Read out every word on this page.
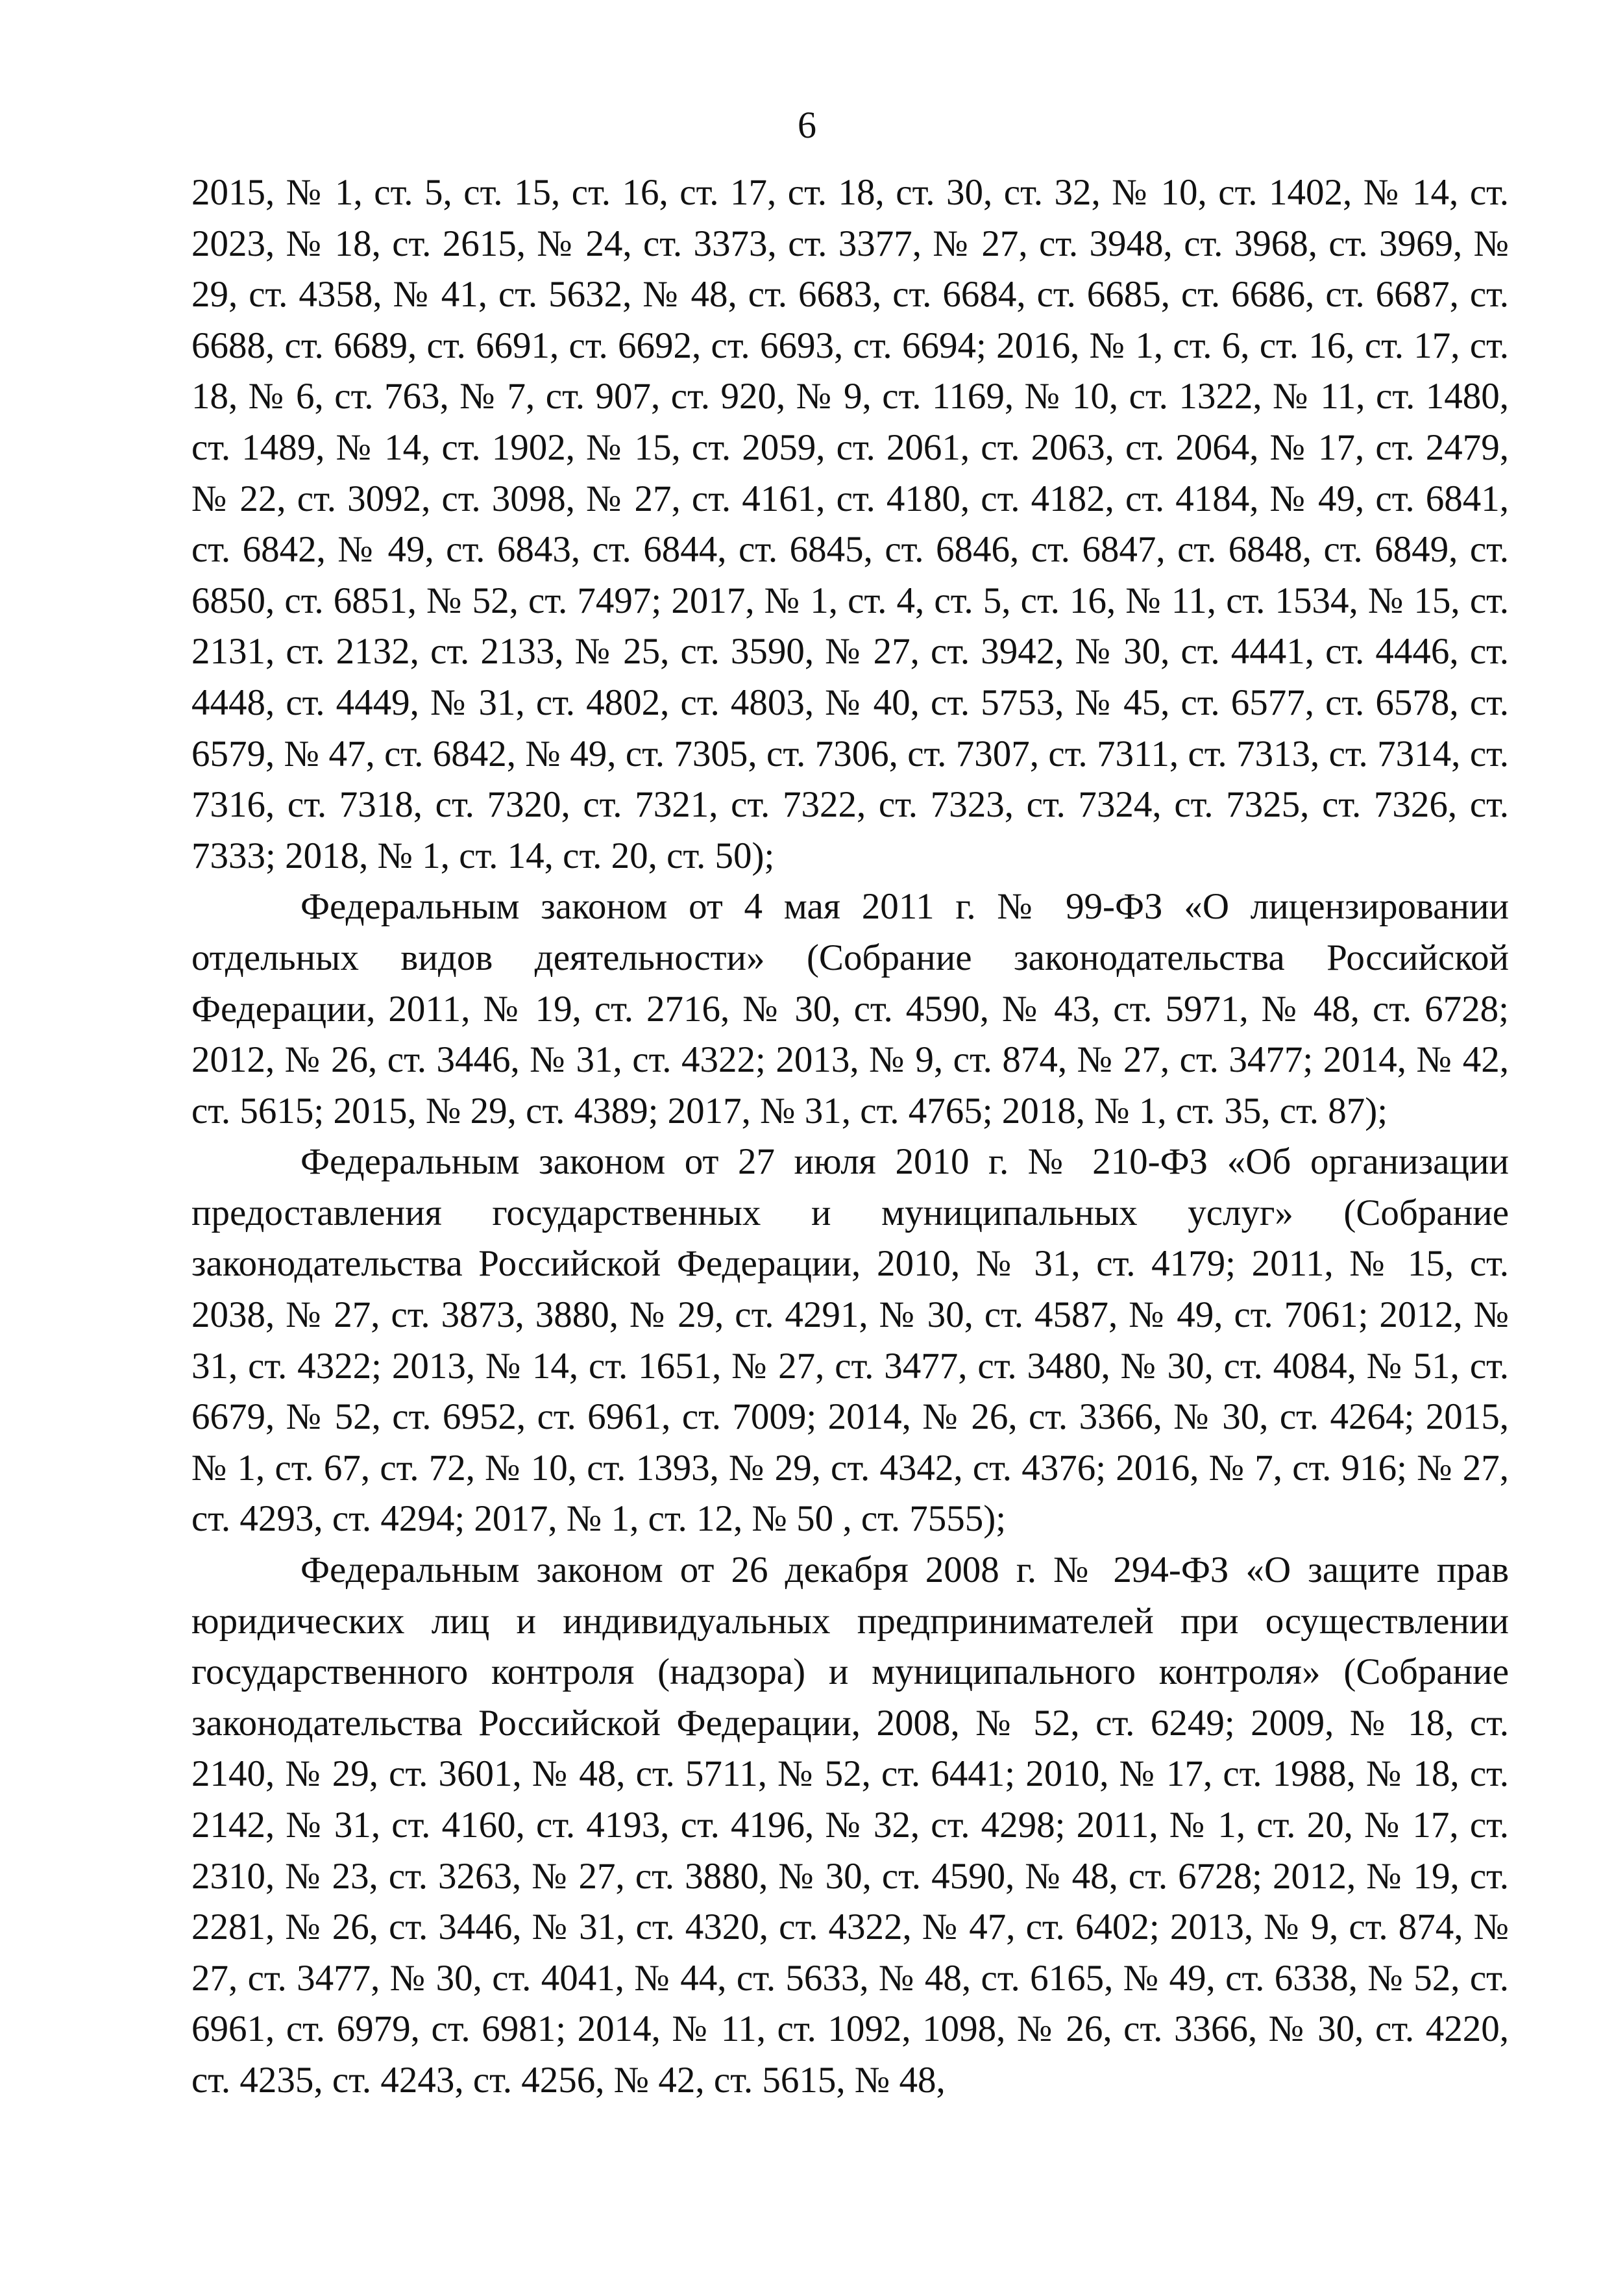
6

2015, № 1, ст. 5, ст. 15, ст. 16, ст. 17, ст. 18, ст. 30, ст. 32, № 10, ст. 1402, № 14, ст. 2023, № 18, ст. 2615, № 24, ст. 3373, ст. 3377, № 27, ст. 3948, ст. 3968, ст. 3969, № 29, ст. 4358, № 41, ст. 5632, № 48, ст. 6683, ст. 6684, ст. 6685, ст. 6686, ст. 6687, ст. 6688, ст. 6689, ст. 6691, ст. 6692, ст. 6693, ст. 6694; 2016, № 1, ст. 6, ст. 16, ст. 17, ст. 18, № 6, ст. 763, № 7, ст. 907, ст. 920, № 9, ст. 1169, № 10, ст. 1322, № 11, ст. 1480, ст. 1489, № 14, ст. 1902, № 15, ст. 2059, ст. 2061, ст. 2063, ст. 2064, № 17, ст. 2479, № 22, ст. 3092, ст. 3098, № 27, ст. 4161, ст. 4180, ст. 4182, ст. 4184, № 49, ст. 6841, ст. 6842, № 49, ст. 6843, ст. 6844, ст. 6845, ст. 6846, ст. 6847, ст. 6848, ст. 6849, ст. 6850, ст. 6851, № 52, ст. 7497; 2017, № 1, ст. 4, ст. 5, ст. 16, № 11, ст. 1534, № 15, ст. 2131, ст. 2132, ст. 2133, № 25, ст. 3590, № 27, ст. 3942, № 30, ст. 4441, ст. 4446, ст. 4448, ст. 4449, № 31, ст. 4802, ст. 4803, № 40, ст. 5753, № 45, ст. 6577, ст. 6578, ст. 6579, № 47, ст. 6842, № 49, ст. 7305, ст. 7306, ст. 7307, ст. 7311, ст. 7313, ст. 7314, ст. 7316, ст. 7318, ст. 7320, ст. 7321, ст. 7322, ст. 7323, ст. 7324, ст. 7325, ст. 7326, ст. 7333; 2018, № 1, ст. 14, ст. 20, ст. 50);

Федеральным законом от 4 мая 2011 г. № 99-ФЗ «О лицензировании отдельных видов деятельности» (Собрание законодательства Российской Федерации, 2011, № 19, ст. 2716, № 30, ст. 4590, № 43, ст. 5971, № 48, ст. 6728; 2012, № 26, ст. 3446, № 31, ст. 4322; 2013, № 9, ст. 874, № 27, ст. 3477; 2014, № 42, ст. 5615; 2015, № 29, ст. 4389; 2017, № 31, ст. 4765; 2018, № 1, ст. 35, ст. 87);

Федеральным законом от 27 июля 2010 г. № 210-ФЗ «Об организации предоставления государственных и муниципальных услуг» (Собрание законодательства Российской Федерации, 2010, № 31, ст. 4179; 2011, № 15, ст. 2038, № 27, ст. 3873, 3880, № 29, ст. 4291, № 30, ст. 4587, № 49, ст. 7061; 2012, № 31, ст. 4322; 2013, № 14, ст. 1651, № 27, ст. 3477, ст. 3480, № 30, ст. 4084, № 51, ст. 6679, № 52, ст. 6952, ст. 6961, ст. 7009; 2014, № 26, ст. 3366, № 30, ст. 4264; 2015, № 1, ст. 67, ст. 72, № 10, ст. 1393, № 29, ст. 4342, ст. 4376; 2016, № 7, ст. 916; № 27, ст. 4293, ст. 4294; 2017, № 1, ст. 12, № 50 , ст. 7555);

Федеральным законом от 26 декабря 2008 г. № 294-ФЗ «О защите прав юридических лиц и индивидуальных предпринимателей при осуществлении государственного контроля (надзора) и муниципального контроля» (Собрание законодательства Российской Федерации, 2008, № 52, ст. 6249; 2009, № 18, ст. 2140, № 29, ст. 3601, № 48, ст. 5711, № 52, ст. 6441; 2010, № 17, ст. 1988, № 18, ст. 2142, № 31, ст. 4160, ст. 4193, ст. 4196, № 32, ст. 4298; 2011, № 1, ст. 20, № 17, ст. 2310, № 23, ст. 3263, № 27, ст. 3880, № 30, ст. 4590, № 48, ст. 6728; 2012, № 19, ст. 2281, № 26, ст. 3446, № 31, ст. 4320, ст. 4322, № 47, ст. 6402; 2013, № 9, ст. 874, № 27, ст. 3477, № 30, ст. 4041, № 44, ст. 5633, № 48, ст. 6165, № 49, ст. 6338, № 52, ст. 6961, ст. 6979, ст. 6981; 2014, № 11, ст. 1092, 1098, № 26, ст. 3366, № 30, ст. 4220, ст. 4235, ст. 4243, ст. 4256, № 42, ст. 5615, № 48,
